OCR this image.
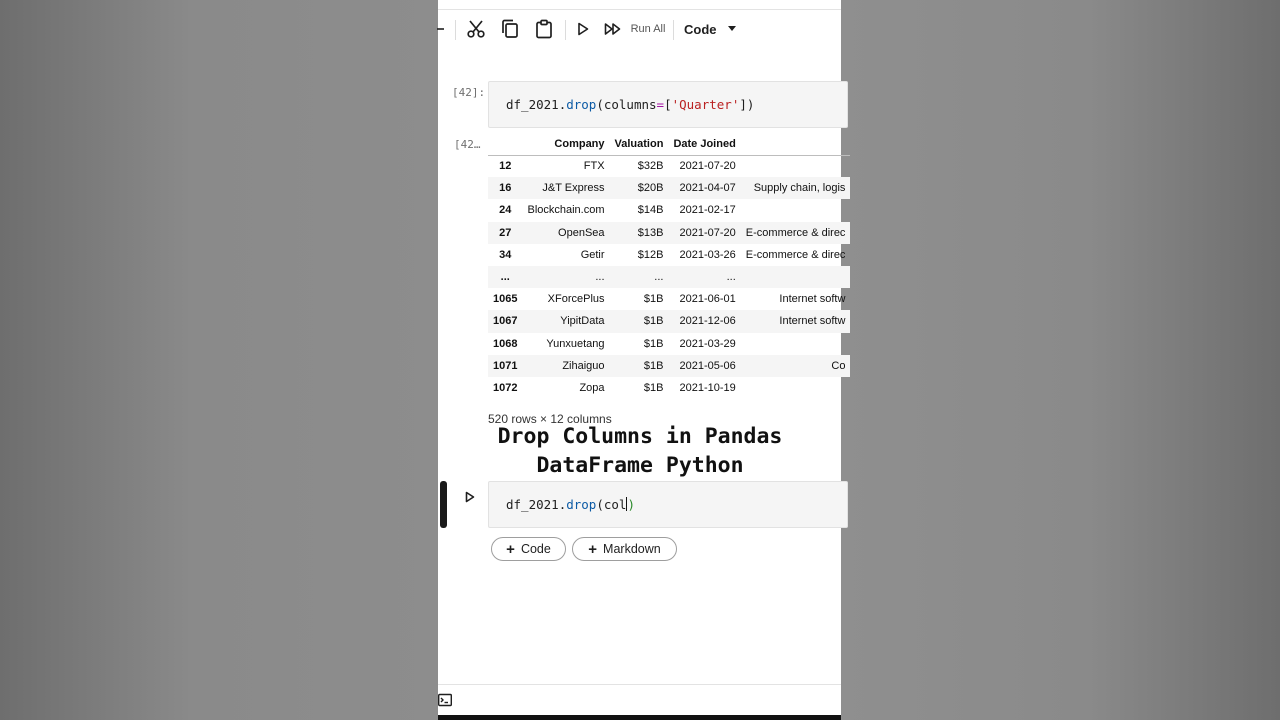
Run All Code
[42]:
df_2021.drop(columns=['Quarter'])
[42…
		Company	Valuation	Date Joined	
12	FTX	$32B	2021-07-20	
16	J&T Express	$20B	2021-04-07	Supply chain, logis
24	Blockchain.com	$14B	2021-02-17	
27	OpenSea	$13B	2021-07-20	E-commerce & direc
34	Getir	$12B	2021-03-26	E-commerce & direc
...	...	...	...	
1065	XForcePlus	$1B	2021-06-01	Internet softw
1067	YipitData	$1B	2021-12-06	Internet softw
1068	Yunxuetang	$1B	2021-03-29	
1071	Zihaiguo	$1B	2021-05-06	Co
1072	Zopa	$1B	2021-10-19	
520 rows × 12 columns
df_2021.drop(col)
+ Code + Markdown
Drop Columns in Pandas
DataFrame Python
